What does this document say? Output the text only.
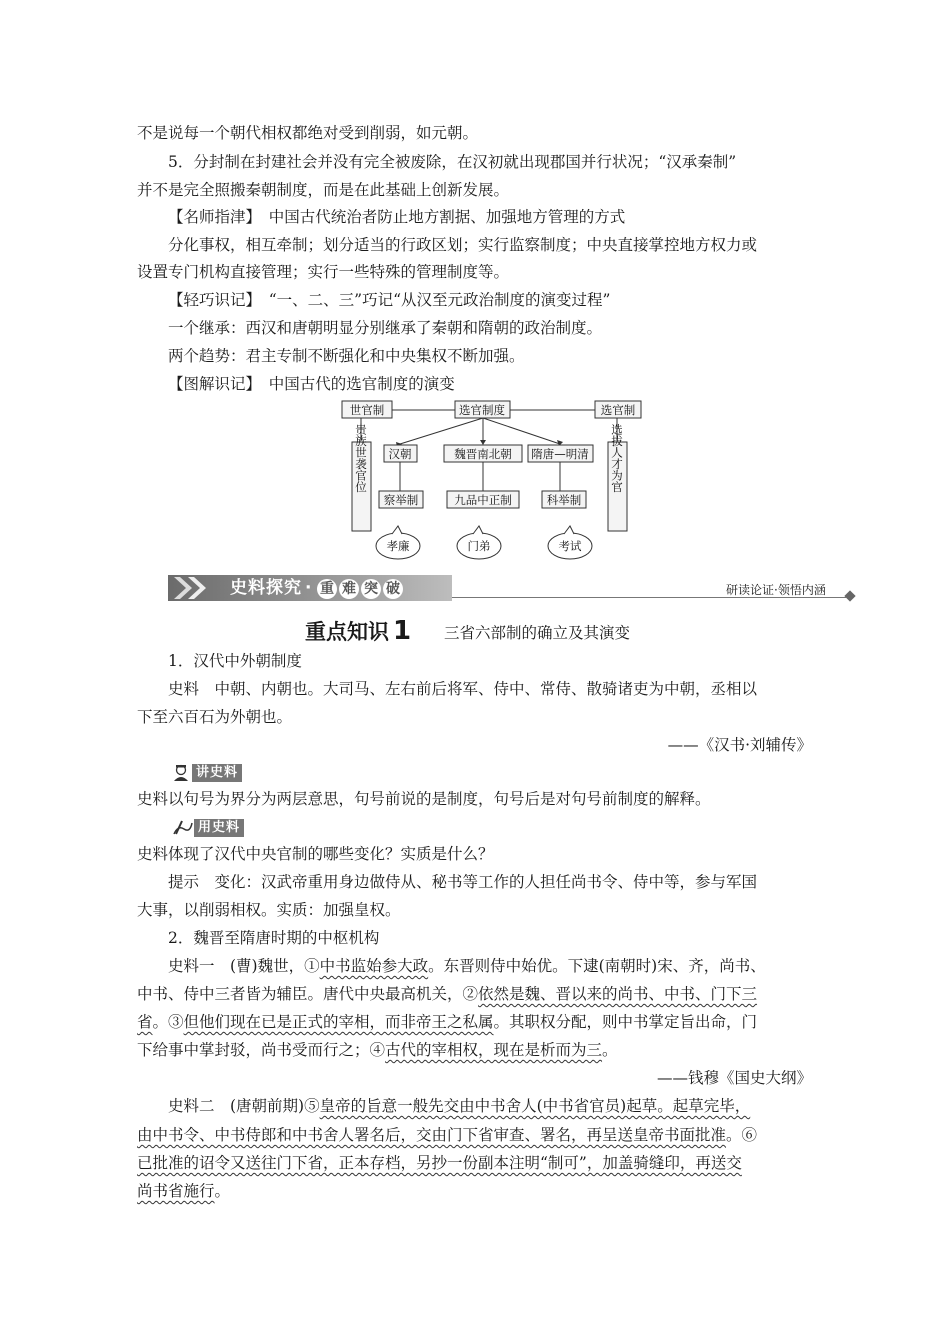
不是说每一个朝代相权都绝对受到削弱，如元朝。
5．分封制在封建社会并没有完全被废除，在汉初就出现郡国并行状况；“汉承秦制”
并不是完全照搬秦朝制度，而是在此基础上创新发展。
【名师指津】　中国古代统治者防止地方割据、加强地方管理的方式
分化事权，相互牵制；划分适当的行政区划；实行监察制度；中央直接掌控地方权力或
设置专门机构直接管理；实行一些特殊的管理制度等。
【轻巧识记】　“一、二、三”巧记“从汉至元政治制度的演变过程”
一个继承：西汉和唐朝明显分别继承了秦朝和隋朝的政治制度。
两个趋势：君主专制不断强化和中央集权不断加强。
【图解识记】　中国古代的选官制度的演变
世官制	选官制度	选官制
汉朝	魏晋南北朝 隋唐—明清
察举制	九品中正制	科举制
孝廉	门弟	考试
贵族世袭官位	选拔人才为官
史料探究 · 重 难 突 破	研读论证·领悟内涵
重点知识 1 三省六部制的确立及其演变
1．汉代中外朝制度
史料　中朝、内朝也。大司马、左右前后将军、侍中、常侍、散骑诸吏为中朝，丞相以
下至六百石为外朝也。
——《汉书·刘辅传》
讲史料
史料以句号为界分为两层意思，句号前说的是制度，句号后是对句号前制度的解释。
用史料
史料体现了汉代中央官制的哪些变化？实质是什么？
提示　变化：汉武帝重用身边做侍从、秘书等工作的人担任尚书令、侍中等，参与军国
大事，以削弱相权。实质：加强皇权。
2．魏晋至隋唐时期的中枢机构
史料一　(曹)魏世，①中书监始参大政。东晋则侍中始优。下逮(南朝时)宋、齐，尚书、
中书、侍中三者皆为辅臣。唐代中央最高机关，②依然是魏、晋以来的尚书、中书、门下三
省。③但他们现在已是正式的宰相，而非帝王之私属。其职权分配，则中书掌定旨出命，门
下给事中掌封驳，尚书受而行之；④古代的宰相权，现在是析而为三。
——钱穆《国史大纲》
史料二　(唐朝前期)⑤皇帝的旨意一般先交由中书舍人(中书省官员)起草。起草完毕，
由中书令、中书侍郎和中书舍人署名后，交由门下省审查、署名，再呈送皇帝书面批准。⑥
已批准的诏令又送往门下省，正本存档，另抄一份副本注明“制可”，加盖骑缝印，再送交
尚书省施行。
